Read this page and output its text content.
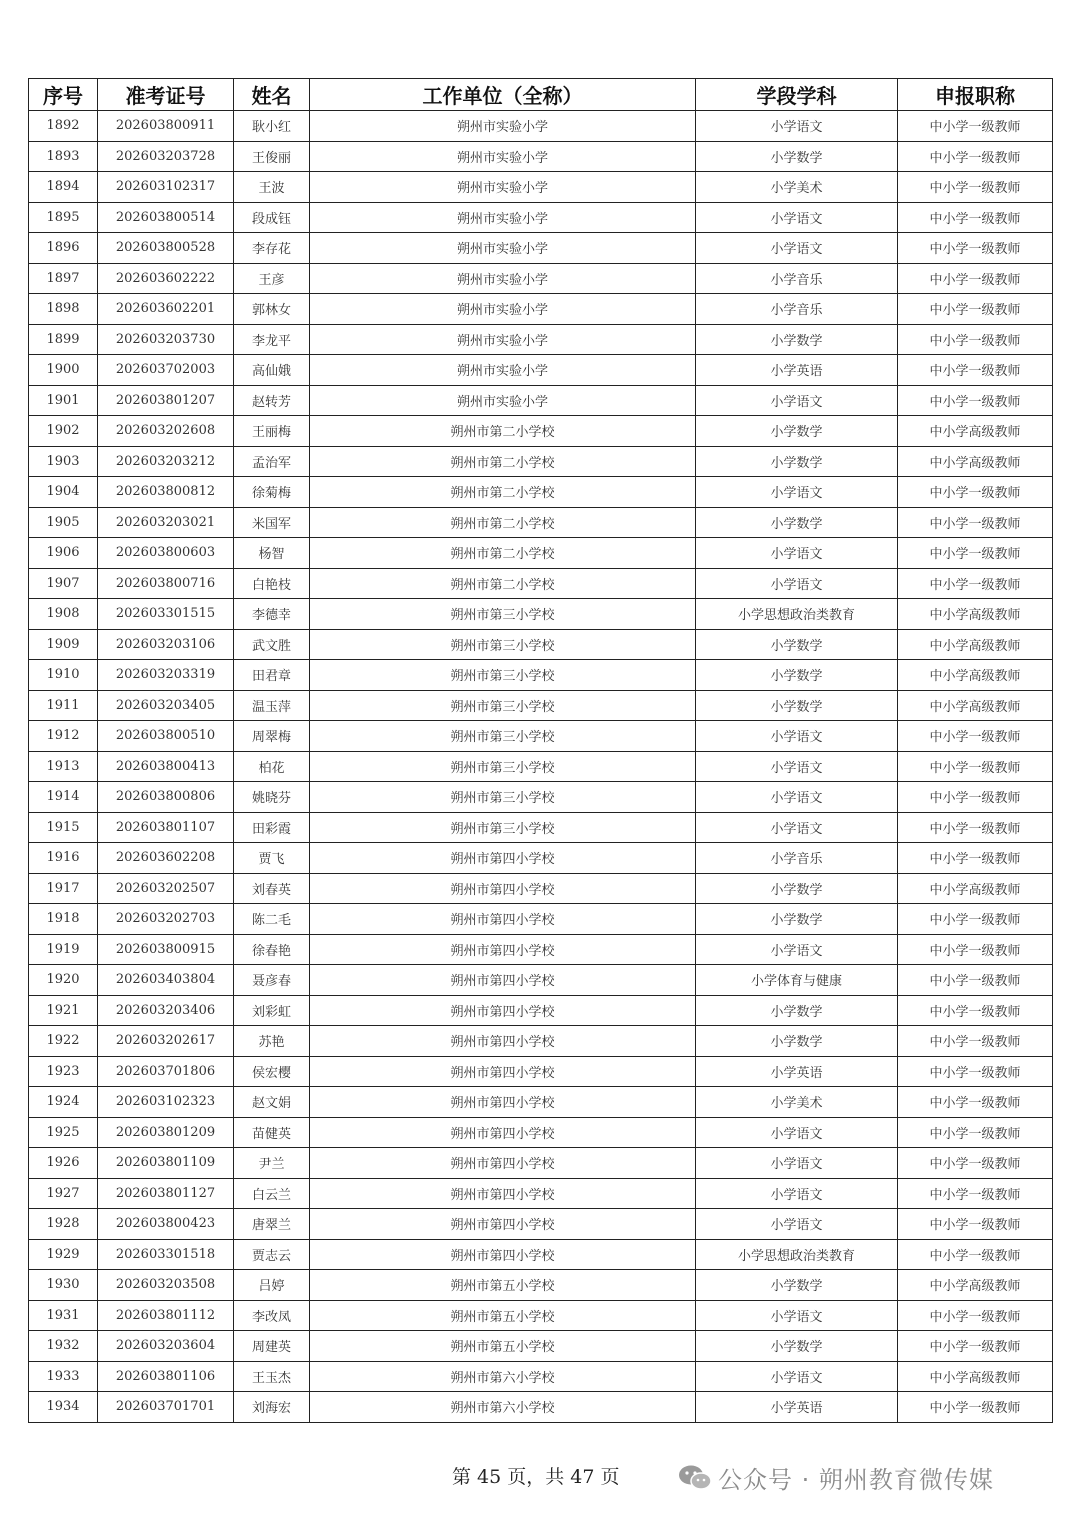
序号	准考证号	姓名	工作单位（全称）	学段学科	申报职称
1892	202603800911	耿小红	朔州市实验小学	小学语文	中小学一级教师
1893	202603203728	王俊丽	朔州市实验小学	小学数学	中小学一级教师
1894	202603102317	王波	朔州市实验小学	小学美术	中小学一级教师
1895	202603800514	段成钰	朔州市实验小学	小学语文	中小学一级教师
1896	202603800528	李存花	朔州市实验小学	小学语文	中小学一级教师
1897	202603602222	王彦	朔州市实验小学	小学音乐	中小学一级教师
1898	202603602201	郭林女	朔州市实验小学	小学音乐	中小学一级教师
1899	202603203730	李龙平	朔州市实验小学	小学数学	中小学一级教师
1900	202603702003	高仙娥	朔州市实验小学	小学英语	中小学一级教师
1901	202603801207	赵转芳	朔州市实验小学	小学语文	中小学一级教师
1902	202603202608	王丽梅	朔州市第二小学校	小学数学	中小学高级教师
1903	202603203212	孟治军	朔州市第二小学校	小学数学	中小学高级教师
1904	202603800812	徐菊梅	朔州市第二小学校	小学语文	中小学一级教师
1905	202603203021	米国军	朔州市第二小学校	小学数学	中小学一级教师
1906	202603800603	杨智	朔州市第二小学校	小学语文	中小学一级教师
1907	202603800716	白艳枝	朔州市第二小学校	小学语文	中小学一级教师
1908	202603301515	李德幸	朔州市第三小学校	小学思想政治类教育	中小学高级教师
1909	202603203106	武文胜	朔州市第三小学校	小学数学	中小学高级教师
1910	202603203319	田君章	朔州市第三小学校	小学数学	中小学高级教师
1911	202603203405	温玉萍	朔州市第三小学校	小学数学	中小学高级教师
1912	202603800510	周翠梅	朔州市第三小学校	小学语文	中小学一级教师
1913	202603800413	柏花	朔州市第三小学校	小学语文	中小学一级教师
1914	202603800806	姚晓芬	朔州市第三小学校	小学语文	中小学一级教师
1915	202603801107	田彩霞	朔州市第三小学校	小学语文	中小学一级教师
1916	202603602208	贾飞	朔州市第四小学校	小学音乐	中小学一级教师
1917	202603202507	刘春英	朔州市第四小学校	小学数学	中小学高级教师
1918	202603202703	陈二毛	朔州市第四小学校	小学数学	中小学一级教师
1919	202603800915	徐春艳	朔州市第四小学校	小学语文	中小学一级教师
1920	202603403804	聂彦春	朔州市第四小学校	小学体育与健康	中小学一级教师
1921	202603203406	刘彩虹	朔州市第四小学校	小学数学	中小学一级教师
1922	202603202617	苏艳	朔州市第四小学校	小学数学	中小学一级教师
1923	202603701806	侯宏樱	朔州市第四小学校	小学英语	中小学一级教师
1924	202603102323	赵文娟	朔州市第四小学校	小学美术	中小学一级教师
1925	202603801209	苗健英	朔州市第四小学校	小学语文	中小学一级教师
1926	202603801109	尹兰	朔州市第四小学校	小学语文	中小学一级教师
1927	202603801127	白云兰	朔州市第四小学校	小学语文	中小学一级教师
1928	202603800423	唐翠兰	朔州市第四小学校	小学语文	中小学一级教师
1929	202603301518	贾志云	朔州市第四小学校	小学思想政治类教育	中小学一级教师
1930	202603203508	吕婷	朔州市第五小学校	小学数学	中小学高级教师
1931	202603801112	李改凤	朔州市第五小学校	小学语文	中小学一级教师
1932	202603203604	周建英	朔州市第五小学校	小学数学	中小学一级教师
1933	202603801106	王玉杰	朔州市第六小学校	小学语文	中小学高级教师
1934	202603701701	刘海宏	朔州市第六小学校	小学英语	中小学一级教师
第 45 页，共 47 页	公众号 · 朔州教育微传媒
